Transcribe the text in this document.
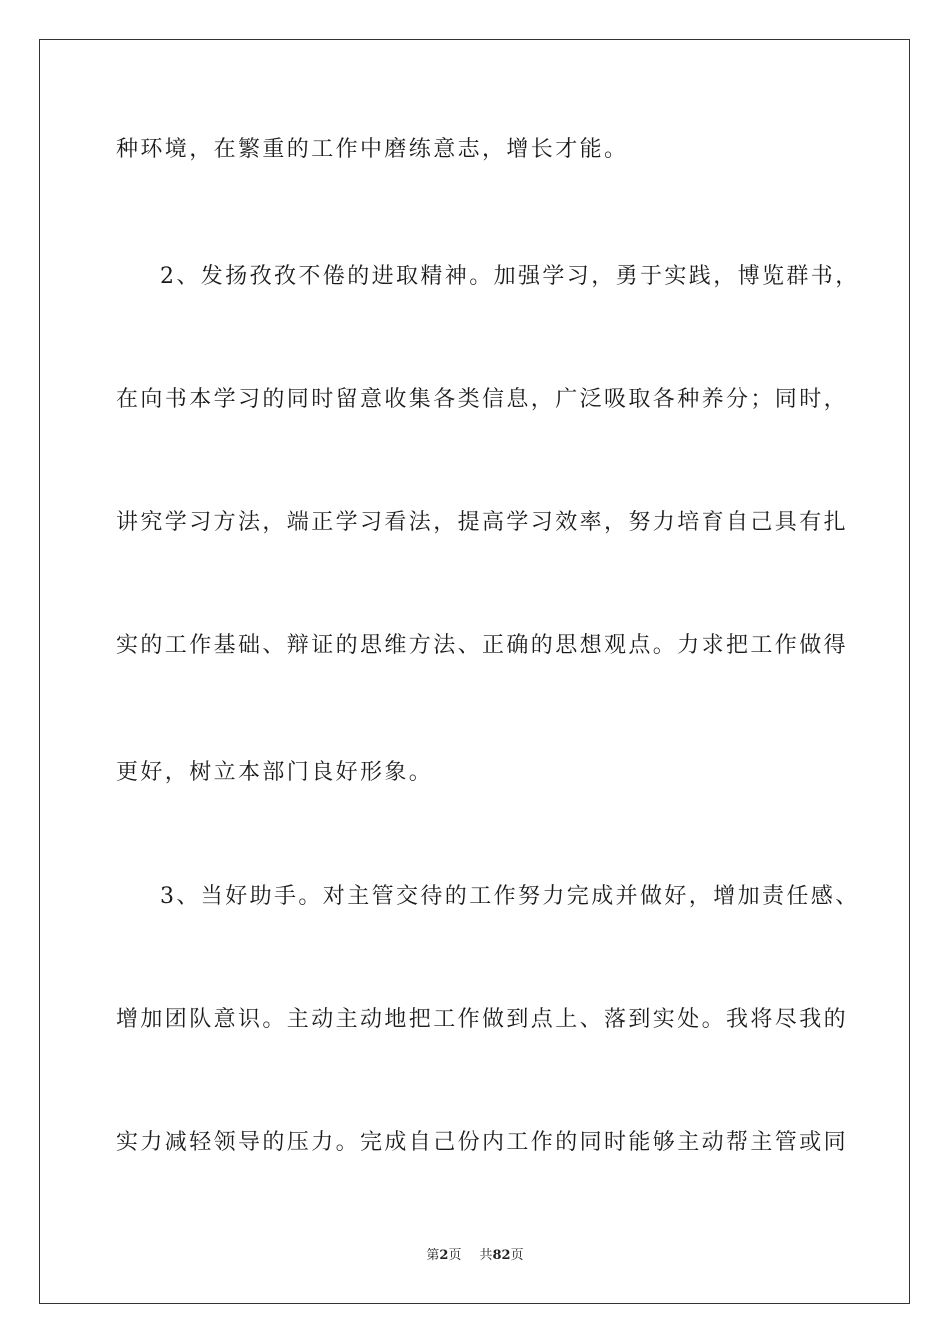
种环境，在繁重的工作中磨练意志，增长才能。

2、发扬孜孜不倦的进取精神。加强学习，勇于实践，博览群书，

在向书本学习的同时留意收集各类信息，广泛吸取各种养分；同时，

讲究学习方法，端正学习看法，提高学习效率，努力培育自己具有扎

实的工作基础、辩证的思维方法、正确的思想观点。力求把工作做得

更好，树立本部门良好形象。

3、当好助手。对主管交待的工作努力完成并做好，增加责任感、

增加团队意识。主动主动地把工作做到点上、落到实处。我将尽我的

实力减轻领导的压力。完成自己份内工作的同时能够主动帮主管或同

第2页 共82页
